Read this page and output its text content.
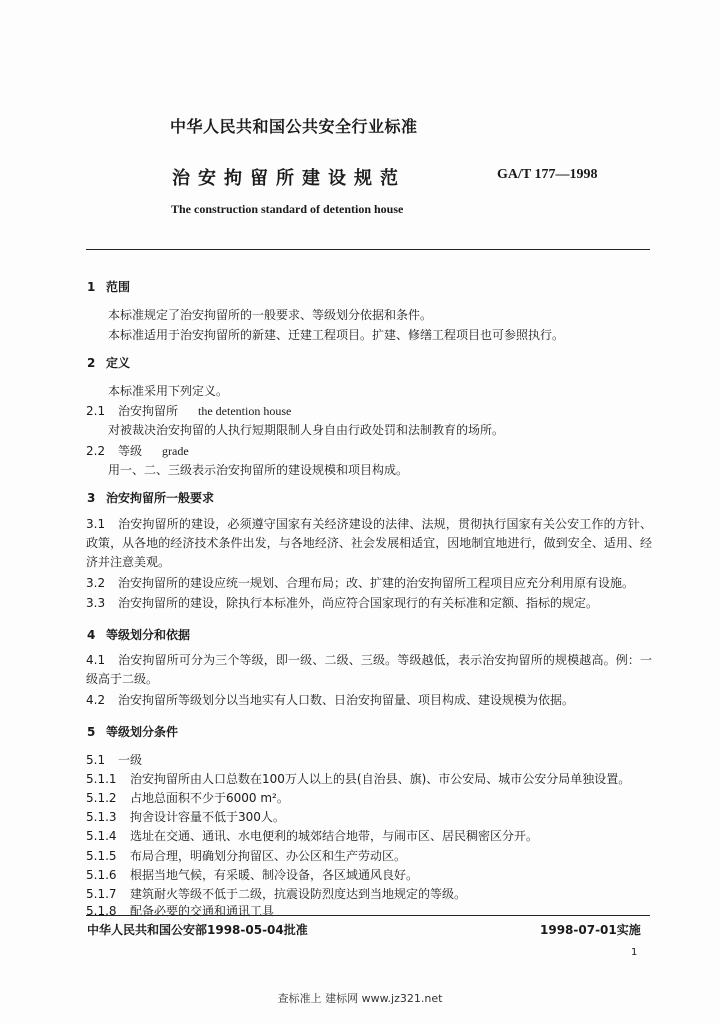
中华人民共和国公共安全行业标准
治安拘留所建设规范	GA/T 177—1998
The construction standard of detention house
1 范围
本标准规定了治安拘留所的一般要求、等级划分依据和条件。
本标准适用于治安拘留所的新建、迁建工程项目。扩建、修缮工程项目也可参照执行。
2 定义
本标准采用下列定义。
2.1 治安拘留所 the detention house
对被裁决治安拘留的人执行短期限制人身自由行政处罚和法制教育的场所。
2.2 等级 grade
用一、二、三级表示治安拘留所的建设规模和项目构成。
3 治安拘留所一般要求
3.1 治安拘留所的建设，必须遵守国家有关经济建设的法律、法规，贯彻执行国家有关公安工作的方针、政策，从各地的经济技术条件出发，与各地经济、社会发展相适宜，因地制宜地进行，做到安全、适用、经济并注意美观。
3.2 治安拘留所的建设应统一规划、合理布局；改、扩建的治安拘留所工程项目应充分利用原有设施。
3.3 治安拘留所的建设，除执行本标准外，尚应符合国家现行的有关标准和定额、指标的规定。
4 等级划分和依据
4.1 治安拘留所可分为三个等级，即一级、二级、三级。等级越低，表示治安拘留所的规模越高。例：一级高于二级。
4.2 治安拘留所等级划分以当地实有人口数、日治安拘留量、项目构成、建设规模为依据。
5 等级划分条件
5.1 一级
5.1.1 治安拘留所由人口总数在100万人以上的县(自治县、旗)、市公安局、城市公安分局单独设置。
5.1.2 占地总面积不少于6000 m²。
5.1.3 拘舍设计容量不低于300人。
5.1.4 选址在交通、通讯、水电便利的城郊结合地带，与闹市区、居民稠密区分开。
5.1.5 布局合理，明确划分拘留区、办公区和生产劳动区。
5.1.6 根据当地气候，有采暖、制冷设备，各区域通风良好。
5.1.7 建筑耐火等级不低于二级，抗震设防烈度达到当地规定的等级。
5.1.8 配备必要的交通和通讯工具
中华人民共和国公安部1998-05-04批准	1998-07-01实施
1
查标准上 建标网 www.jz321.net
